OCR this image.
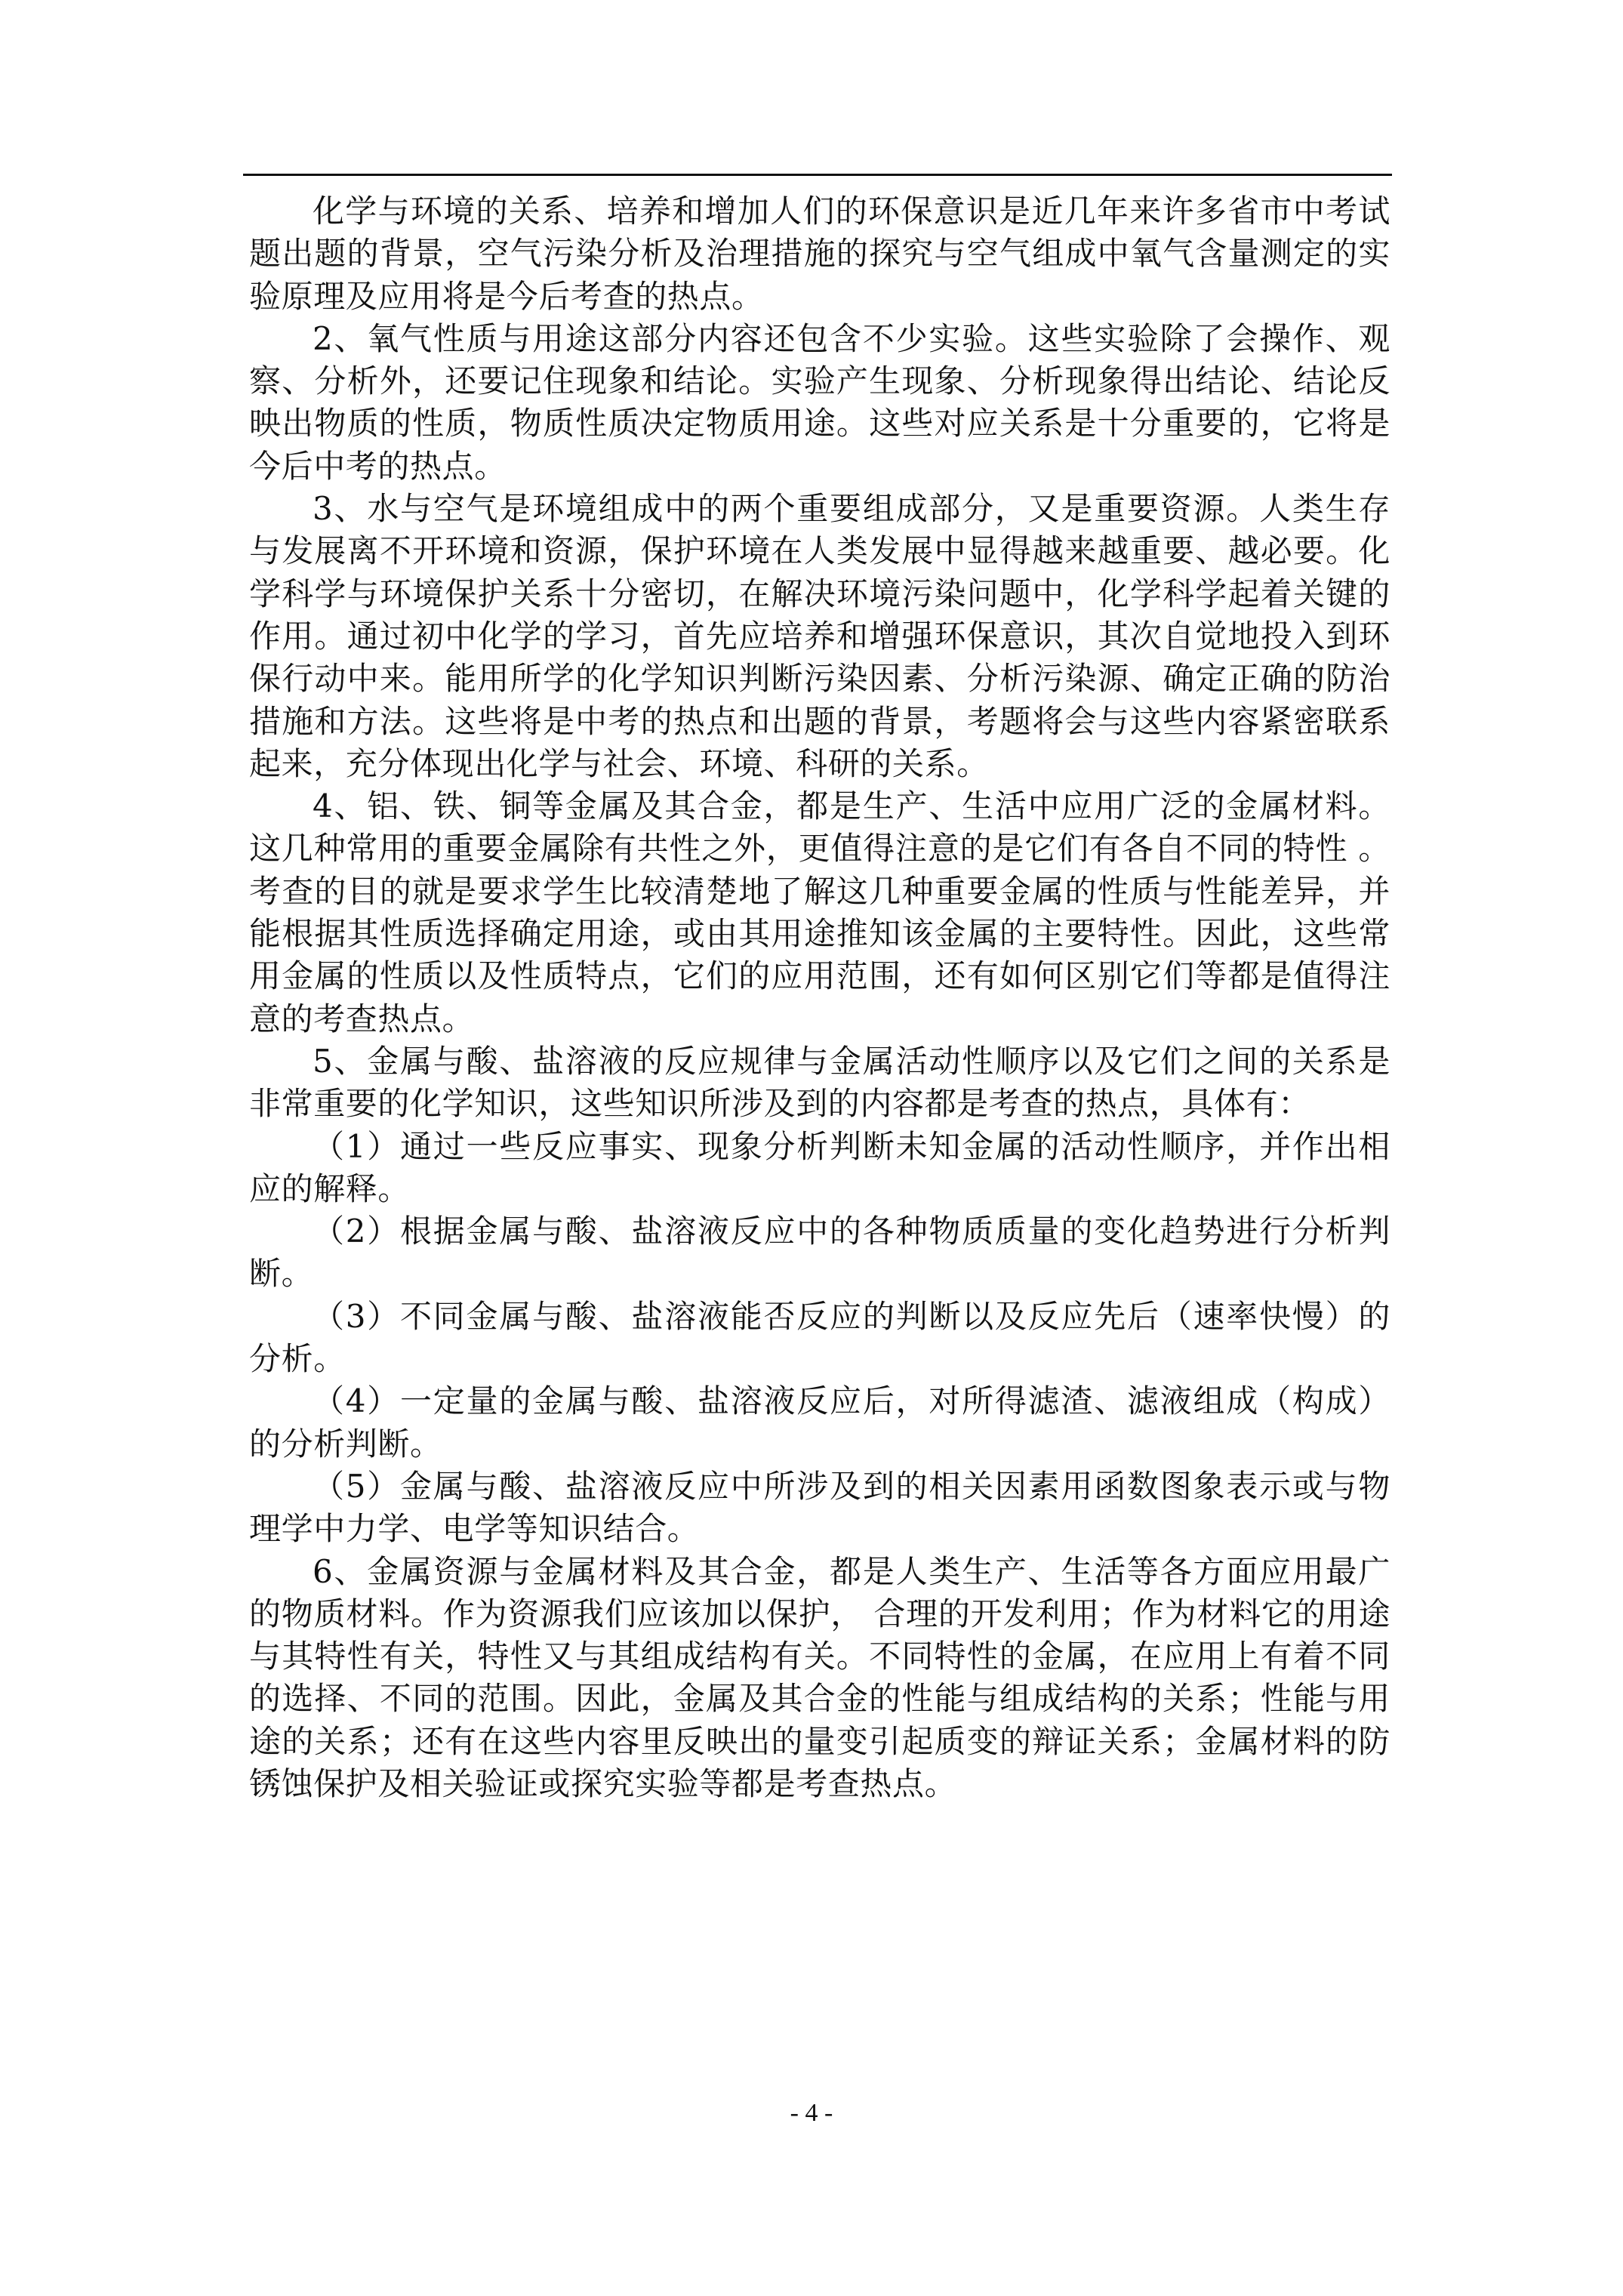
化学与环境的关系、培养和增加人们的环保意识是近几年来许多省市中考试题出题的背景，空气污染分析及治理措施的探究与空气组成中氧气含量测定的实验原理及应用将是今后考查的热点。

2、氧气性质与用途这部分内容还包含不少实验。这些实验除了会操作、观察、分析外，还要记住现象和结论。实验产生现象、分析现象得出结论、结论反映出物质的性质，物质性质决定物质用途。这些对应关系是十分重要的，它将是今后中考的热点。

3、水与空气是环境组成中的两个重要组成部分，又是重要资源。人类生存与发展离不开环境和资源，保护环境在人类发展中显得越来越重要、越必要。化学科学与环境保护关系十分密切，在解决环境污染问题中，化学科学起着关键的作用。通过初中化学的学习，首先应培养和增强环保意识，其次自觉地投入到环保行动中来。能用所学的化学知识判断污染因素、分析污染源、确定正确的防治措施和方法。这些将是中考的热点和出题的背景，考题将会与这些内容紧密联系起来，充分体现出化学与社会、环境、科研的关系。

4、铝、铁、铜等金属及其合金，都是生产、生活中应用广泛的金属材料。这几种常用的重要金属除有共性之外，更值得注意的是它们有各自不同的特性 。考查的目的就是要求学生比较清楚地了解这几种重要金属的性质与性能差异，并能根据其性质选择确定用途，或由其用途推知该金属的主要特性。因此，这些常用金属的性质以及性质特点，它们的应用范围，还有如何区别它们等都是值得注意的考查热点。

5、金属与酸、盐溶液的反应规律与金属活动性顺序以及它们之间的关系是非常重要的化学知识，这些知识所涉及到的内容都是考查的热点，具体有：

（1）通过一些反应事实、现象分析判断未知金属的活动性顺序，并作出相应的解释。

（2）根据金属与酸、盐溶液反应中的各种物质质量的变化趋势进行分析判断。

（3）不同金属与酸、盐溶液能否反应的判断以及反应先后（速率快慢）的分析。

（4）一定量的金属与酸、盐溶液反应后，对所得滤渣、滤液组成（构成）的分析判断。

（5）金属与酸、盐溶液反应中所涉及到的相关因素用函数图象表示或与物理学中力学、电学等知识结合。

6、金属资源与金属材料及其合金，都是人类生产、生活等各方面应用最广的物质材料。作为资源我们应该加以保护， 合理的开发利用；作为材料它的用途与其特性有关，特性又与其组成结构有关。不同特性的金属，在应用上有着不同的选择、不同的范围。因此，金属及其合金的性能与组成结构的关系；性能与用途的关系；还有在这些内容里反映出的量变引起质变的辩证关系；金属材料的防锈蚀保护及相关验证或探究实验等都是考查热点。

- 4 -
